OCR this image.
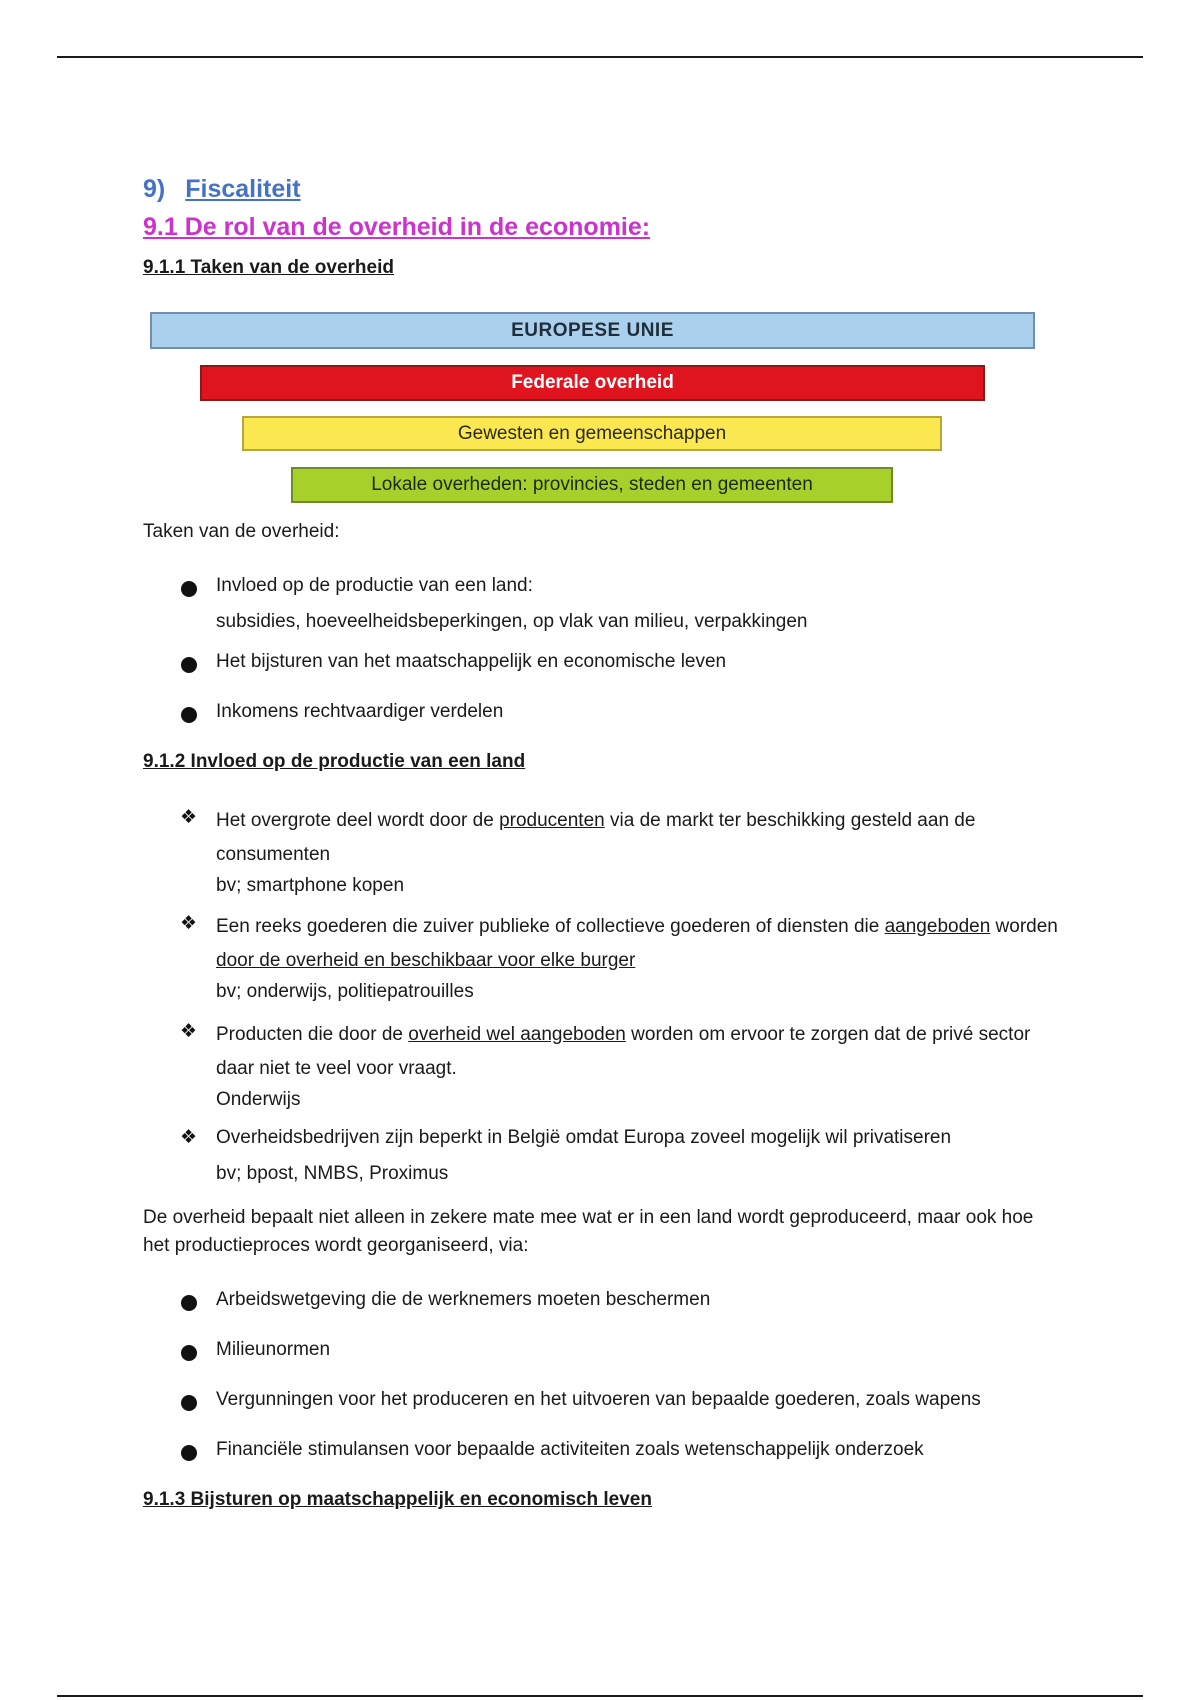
9) Fiscaliteit
9.1 De rol van de overheid in de economie:
9.1.1 Taken van de overheid
EUROPESE UNIE
Federale overheid
Gewesten en gemeenschappen
Lokale overheden: provincies, steden en gemeenten

Taken van de overheid:

Invloed op de productie van een land:
subsidies, hoeveelheidsbeperkingen, op vlak van milieu, verpakkingen
Het bijsturen van het maatschappelijk en economische leven
Inkomens rechtvaardiger verdelen
9.1.2 Invloed op de productie van een land
❖ Het overgrote deel wordt door de producenten via de markt ter beschikking gesteld aan de consumenten
bv; smartphone kopen
❖ Een reeks goederen die zuiver publieke of collectieve goederen of diensten die aangeboden worden door de overheid en beschikbaar voor elke burger
bv; onderwijs, politiepatrouilles
❖ Producten die door de overheid wel aangeboden worden om ervoor te zorgen dat de privé sector daar niet te veel voor vraagt.
Onderwijs
❖ Overheidsbedrijven zijn beperkt in België omdat Europa zoveel mogelijk wil privatiseren
bv; bpost, NMBS, Proximus

De overheid bepaalt niet alleen in zekere mate mee wat er in een land wordt geproduceerd, maar ook hoe het productieproces wordt georganiseerd, via:

Arbeidswetgeving die de werknemers moeten beschermen
Milieunormen
Vergunningen voor het produceren en het uitvoeren van bepaalde goederen, zoals wapens
Financiële stimulansen voor bepaalde activiteiten zoals wetenschappelijk onderzoek
9.1.3 Bijsturen op maatschappelijk en economisch leven
